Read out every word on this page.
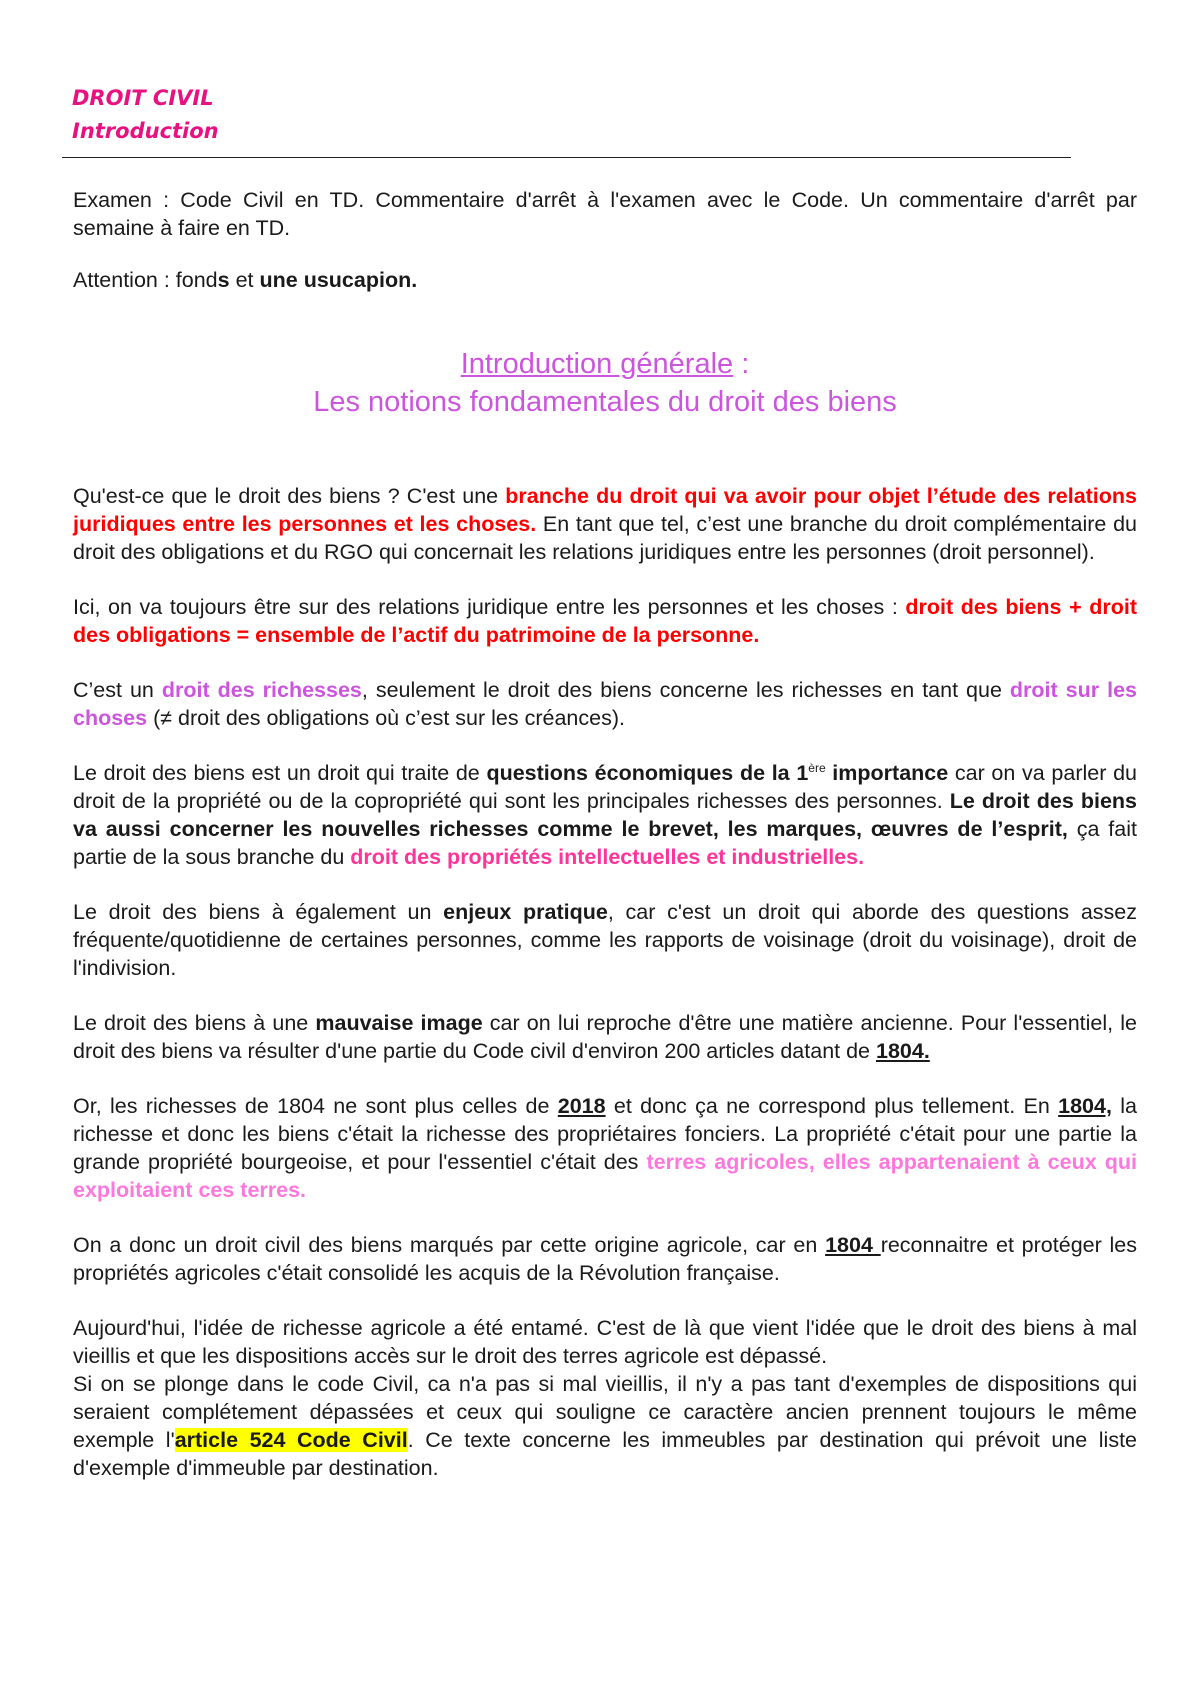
DROIT CIVIL
Introduction

Examen : Code Civil en TD. Commentaire d'arrêt à l'examen avec le Code. Un commentaire d'arrêt par semaine à faire en TD.

Attention : fonds et une usucapion.

Introduction générale :
Les notions fondamentales du droit des biens

Qu'est-ce que le droit des biens ? C'est une branche du droit qui va avoir pour objet l’étude des relations juridiques entre les personnes et les choses. En tant que tel, c’est une branche du droit complémentaire du droit des obligations et du RGO qui concernait les relations juridiques entre les personnes (droit personnel).

Ici, on va toujours être sur des relations juridique entre les personnes et les choses : droit des biens + droit des obligations = ensemble de l’actif du patrimoine de la personne.

C’est un droit des richesses, seulement le droit des biens concerne les richesses en tant que droit sur les choses (≠ droit des obligations où c’est sur les créances).

Le droit des biens est un droit qui traite de questions économiques de la 1ère importance car on va parler du droit de la propriété ou de la copropriété qui sont les principales richesses des personnes. Le droit des biens va aussi concerner les nouvelles richesses comme le brevet, les marques, œuvres de l’esprit, ça fait partie de la sous branche du droit des propriétés intellectuelles et industrielles.

Le droit des biens à également un enjeux pratique, car c'est un droit qui aborde des questions assez fréquente/quotidienne de certaines personnes, comme les rapports de voisinage (droit du voisinage), droit de l'indivision.

Le droit des biens à une mauvaise image car on lui reproche d'être une matière ancienne. Pour l'essentiel, le droit des biens va résulter d'une partie du Code civil d'environ 200 articles datant de 1804.

Or, les richesses de 1804 ne sont plus celles de 2018 et donc ça ne correspond plus tellement. En 1804, la richesse et donc les biens c'était la richesse des propriétaires fonciers. La propriété c'était pour une partie la grande propriété bourgeoise, et pour l'essentiel c'était des terres agricoles, elles appartenaient à ceux qui exploitaient ces terres.

On a donc un droit civil des biens marqués par cette origine agricole, car en 1804 reconnaitre et protéger les propriétés agricoles c'était consolidé les acquis de la Révolution française.

Aujourd'hui, l'idée de richesse agricole a été entamé. C'est de là que vient l'idée que le droit des biens à mal vieillis et que les dispositions accès sur le droit des terres agricole est dépassé.

Si on se plonge dans le code Civil, ca n'a pas si mal vieillis, il n'y a pas tant d'exemples de dispositions qui seraient complétement dépassées et ceux qui souligne ce caractère ancien prennent toujours le même exemple l'article 524 Code Civil. Ce texte concerne les immeubles par destination qui prévoit une liste d'exemple d'immeuble par destination.
